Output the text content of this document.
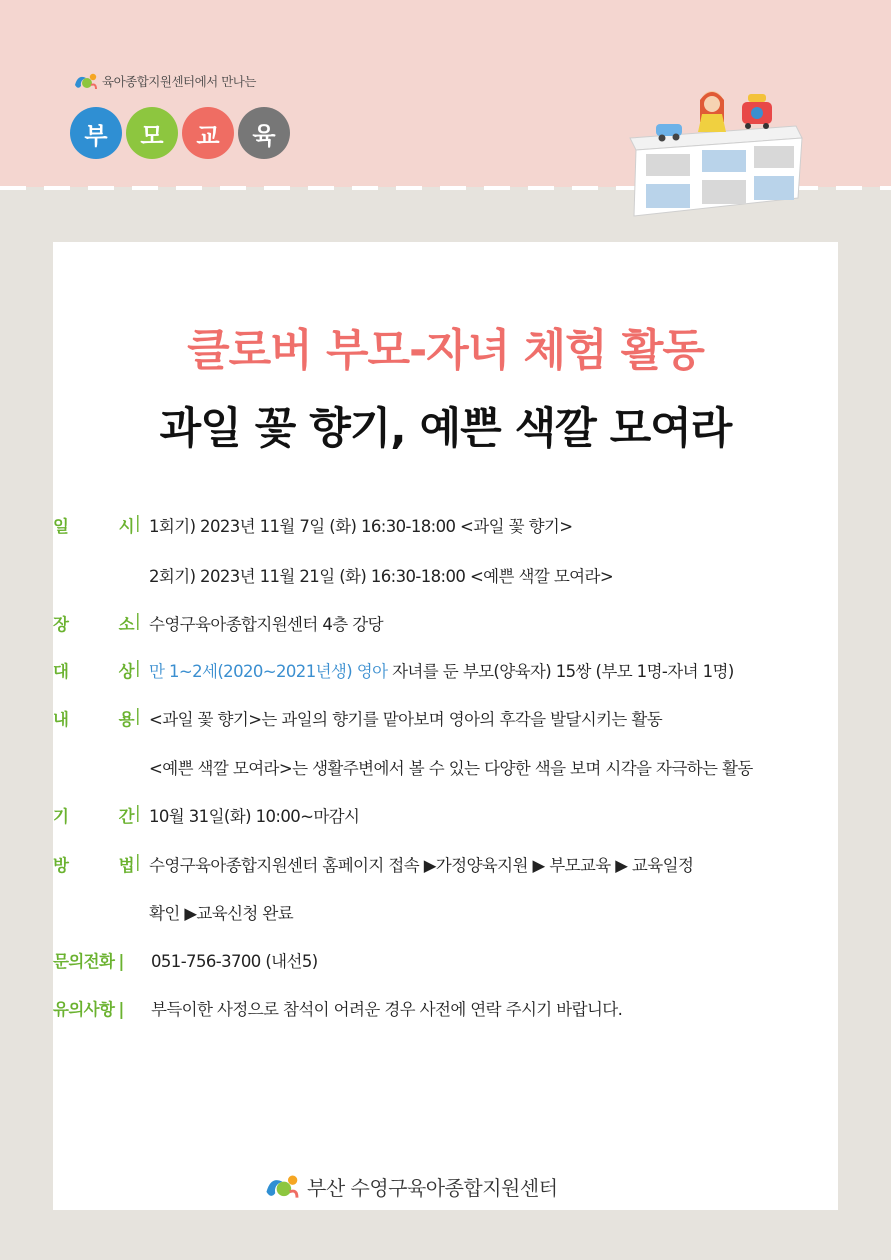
육아종합지원센터에서 만나는
부	모	교	육
클로버 부모-자녀 체험 활동
과일 꽃 향기, 예쁜 색깔 모여라
일	시 | 1회기) 2023년 11월 7일 (화) 16:30-18:00 <과일 꽃 향기>
2회기) 2023년 11월 21일 (화) 16:30-18:00 <예쁜 색깔 모여라>
장	소 | 수영구육아종합지원센터 4층 강당
대	상 | 만 1~2세(2020~2021년생) 영아 자녀를 둔 부모(양육자) 15쌍 (부모 1명-자녀 1명)
내	용 | <과일 꽃 향기>는 과일의 향기를 맡아보며 영아의 후각을 발달시키는 활동
<예쁜 색깔 모여라>는 생활주변에서 볼 수 있는 다양한 색을 보며 시각을 자극하는 활동
기	간 | 10월 31일(화) 10:00~마감시
방	법 | 수영구육아종합지원센터 홈페이지 접속 ▶가정양육지원 ▶ 부모교육 ▶ 교육일정
확인 ▶교육신청 완료
문의전화 |	051-756-3700 (내선5)
유의사항 |	부득이한 사정으로 참석이 어려운 경우 사전에 연락 주시기 바랍니다.
부산 수영구육아종합지원센터
